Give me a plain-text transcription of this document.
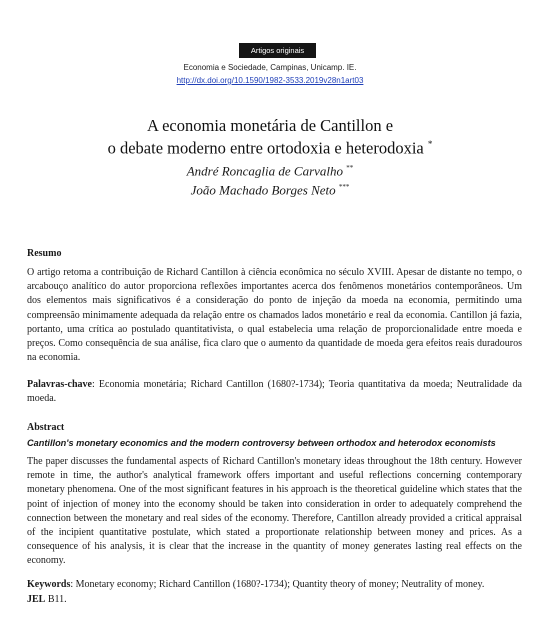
Artigos originais
Economia e Sociedade, Campinas, Unicamp. IE.
http://dx.doi.org/10.1590/1982-3533.2019v28n1art03
A economia monetária de Cantillon e
o debate moderno entre ortodoxia e heterodoxia *
André Roncaglia de Carvalho **
João Machado Borges Neto ***
Resumo
O artigo retoma a contribuição de Richard Cantillon à ciência econômica no século XVIII. Apesar de distante no tempo, o arcabouço analítico do autor proporciona reflexões importantes acerca dos fenômenos monetários contemporâneos. Um dos elementos mais significativos é a consideração do ponto de injeção da moeda na economia, permitindo uma compreensão minimamente adequada da relação entre os chamados lados monetário e real da economia. Cantillon já fazia, portanto, uma crítica ao postulado quantitativista, o qual estabelecia uma relação de proporcionalidade entre moeda e preços. Como consequência de sua análise, fica claro que o aumento da quantidade de moeda gera efeitos reais duradouros na economia.
Palavras-chave: Economia monetária; Richard Cantillon (1680?-1734); Teoria quantitativa da moeda; Neutralidade da moeda.
Abstract
Cantillon's monetary economics and the modern controversy between orthodox and heterodox economists
The paper discusses the fundamental aspects of Richard Cantillon's monetary ideas throughout the 18th century. However remote in time, the author's analytical framework offers important and useful reflections concerning contemporary monetary phenomena. One of the most significant features in his approach is the theoretical guideline which states that the point of injection of money into the economy should be taken into consideration in order to adequately comprehend the connection between the monetary and real sides of the economy. Therefore, Cantillon already provided a critical appraisal of the incipient quantitative postulate, which stated a proportionate relationship between money and prices. As a consequence of his analysis, it is clear that the increase in the quantity of money generates lasting real effects on the economy.
Keywords: Monetary economy; Richard Cantillon (1680?-1734); Quantity theory of money; Neutrality of money.
JEL B11.
